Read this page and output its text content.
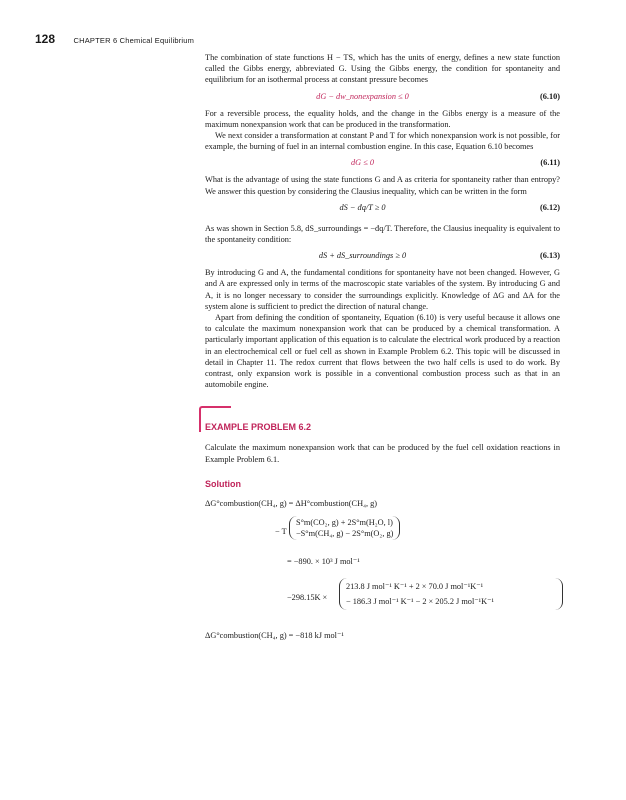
128 CHAPTER 6 Chemical Equilibrium

The combination of state functions H − TS, which has the units of energy, defines a new state function called the Gibbs energy, abbreviated G. Using the Gibbs energy, the condition for spontaneity and equilibrium for an isothermal process at constant pressure becomes

dG − dw_nonexpansion ≤ 0	(6.10)

For a reversible process, the equality holds, and the change in the Gibbs energy is a measure of the maximum nonexpansion work that can be produced in the transformation.

We next consider a transformation at constant P and T for which nonexpansion work is not possible, for example, the burning of fuel in an internal combustion engine. In this case, Equation 6.10 becomes

dG ≤ 0	(6.11)

What is the advantage of using the state functions G and A as criteria for spontaneity rather than entropy? We answer this question by considering the Clausius inequality, which can be written in the form

dS − đq/T ≥ 0	(6.12)

As was shown in Section 5.8, dS_surroundings = −đq/T. Therefore, the Clausius inequality is equivalent to the spontaneity condition:

dS + dS_surroundings ≥ 0	(6.13)

By introducing G and A, the fundamental conditions for spontaneity have not been changed. However, G and A are expressed only in terms of the macroscopic state variables of the system. By introducing G and A, it is no longer necessary to consider the surroundings explicitly. Knowledge of ΔG and ΔA for the system alone is sufficient to predict the direction of natural change.

Apart from defining the condition of spontaneity, Equation (6.10) is very useful because it allows one to calculate the maximum nonexpansion work that can be produced by a chemical transformation. A particularly important application of this equation is to calculate the electrical work produced by a reaction in an electrochemical cell or fuel cell as shown in Example Problem 6.2. This topic will be discussed in detail in Chapter 11. The redox current that flows between the two half cells is used to do work. By contrast, only expansion work is possible in a conventional combustion process such as that in an automobile engine.

EXAMPLE PROBLEM 6.2

Calculate the maximum nonexpansion work that can be produced by the fuel cell oxidation reactions in Example Problem 6.1.

Solution
ΔG°combustion(CH₄, g) = ΔH°combustion(CH₄, g)
− T
S°m(CO₂, g) + 2S°m(H₂O, l)
−S°m(CH₄, g) − 2S°m(O₂, g)
= −890. × 10³ J mol⁻¹
−298.15K ×
213.8 J mol⁻¹ K⁻¹ + 2 × 70.0 J mol⁻¹K⁻¹
− 186.3 J mol⁻¹ K⁻¹ − 2 × 205.2 J mol⁻¹K⁻¹
ΔG°combustion(CH₄, g) = −818 kJ mol⁻¹
